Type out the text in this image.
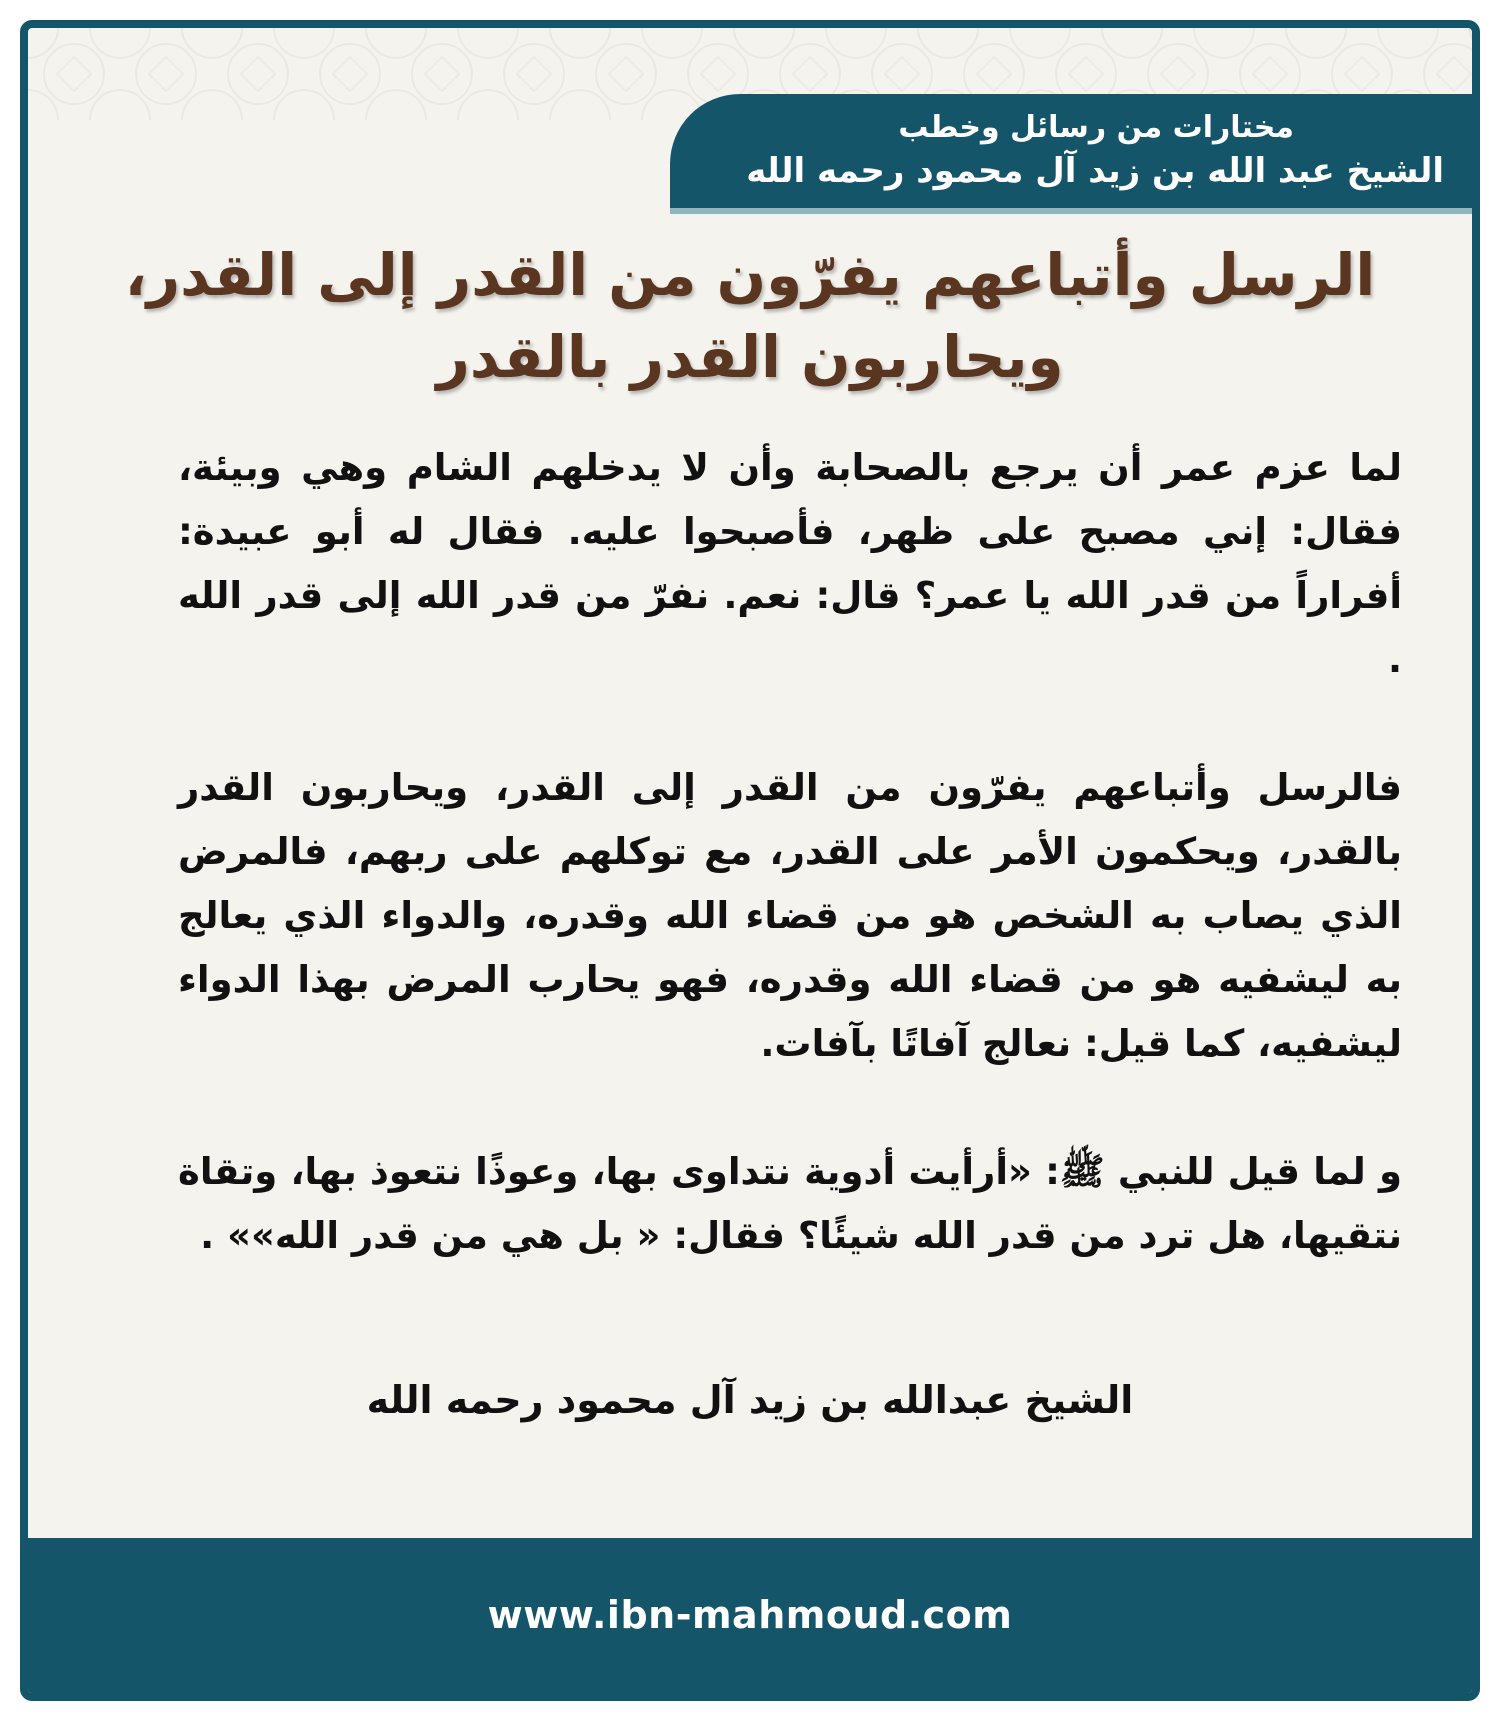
مختارات من رسائل وخطب
الشيخ عبد الله بن زيد آل محمود رحمه الله
الرسل وأتباعهم يفرّون من القدر إلى القدر،
ويحاربون القدر بالقدر

لما عزم عمر أن يرجع بالصحابة وأن لا يدخلهم الشام وهي وبيئة، فقال: إني مصبح على ظهر، فأصبحوا عليه. فقال له أبو عبيدة: أفراراً من قدر الله يا عمر؟ قال: نعم. نفرّ من قدر الله إلى قدر الله .

فالرسل وأتباعهم يفرّون من القدر إلى القدر، ويحاربون القدر بالقدر، ويحكمون الأمر على القدر، مع توكلهم على ربهم، فالمرض الذي يصاب به الشخص هو من قضاء الله وقدره، والدواء الذي يعالج به ليشفيه هو من قضاء الله وقدره، فهو يحارب المرض بهذا الدواء ليشفيه، كما قيل: نعالج آفاتًا بآفات.

و لما قيل للنبي ﷺ: «أرأيت أدوية نتداوى بها، وعوذًا نتعوذ بها، وتقاة نتقيها، هل ترد من قدر الله شيئًا؟ فقال: « بل هي من قدر الله»» .

الشيخ عبدالله بن زيد آل محمود رحمه الله
www.ibn-mahmoud.com
